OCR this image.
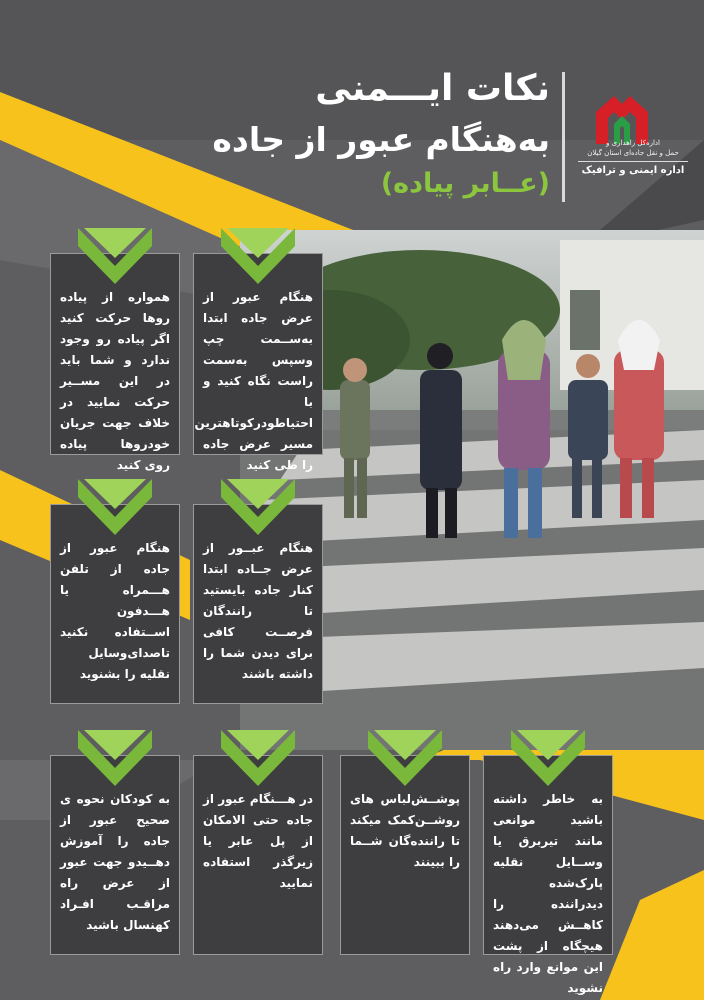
نکات ایـــمنی
به‌هنگام عبور از جاده
(عــابر پیاده)
اداره‌کل راهداری و
حمل و نقل جاده‌ای استان گیلان
اداره ایمنی و ترافیک
هنگام عبور از عرض جاده ابتدا به‌ســمت چپ وسپس به‌سمت راست نگاه کنید و با احتیاطودرکوتاهترین مسیر عرض جاده را طی کنید
همواره از پیاده روها حرکت کنید اگر پیاده رو وجود ندارد و شما باید در این مســیر حرکت نمایید در خلاف جهت جریان خودروها پیاده روی کنید
هنگام عبــور از عرض جــاده ابتدا کنار جاده بایستید تا رانندگان فرصــت کافی برای دیدن شما را داشته باشند
هنگام عبور از جاده از تلفن هـــمراه یا هـــدفون اســتفاده نکنید تاصدای‌وسایل نقلیه را بشنوید
به خاطر داشته باشید موانعی مانند تیربرق یا وســایل نقلیه پارک‌شده دیدراننده را کاهــش می‌دهند هیچگاه از پشت این موانع وارد راه نشوید
پوشــش‌لباس های روشــن‌کمک میکند تا راننده‌گان شــما را ببینند
در هـــنگام عبور از جاده حتی الامکان از پل عابر یا زیرگذر استفاده نمایید
به کودکان نحوه ی صحیح عبور از جاده را آموزش دهــیدو جهت عبور از عرض راه مراقـب افـراد کهنسال باشید
